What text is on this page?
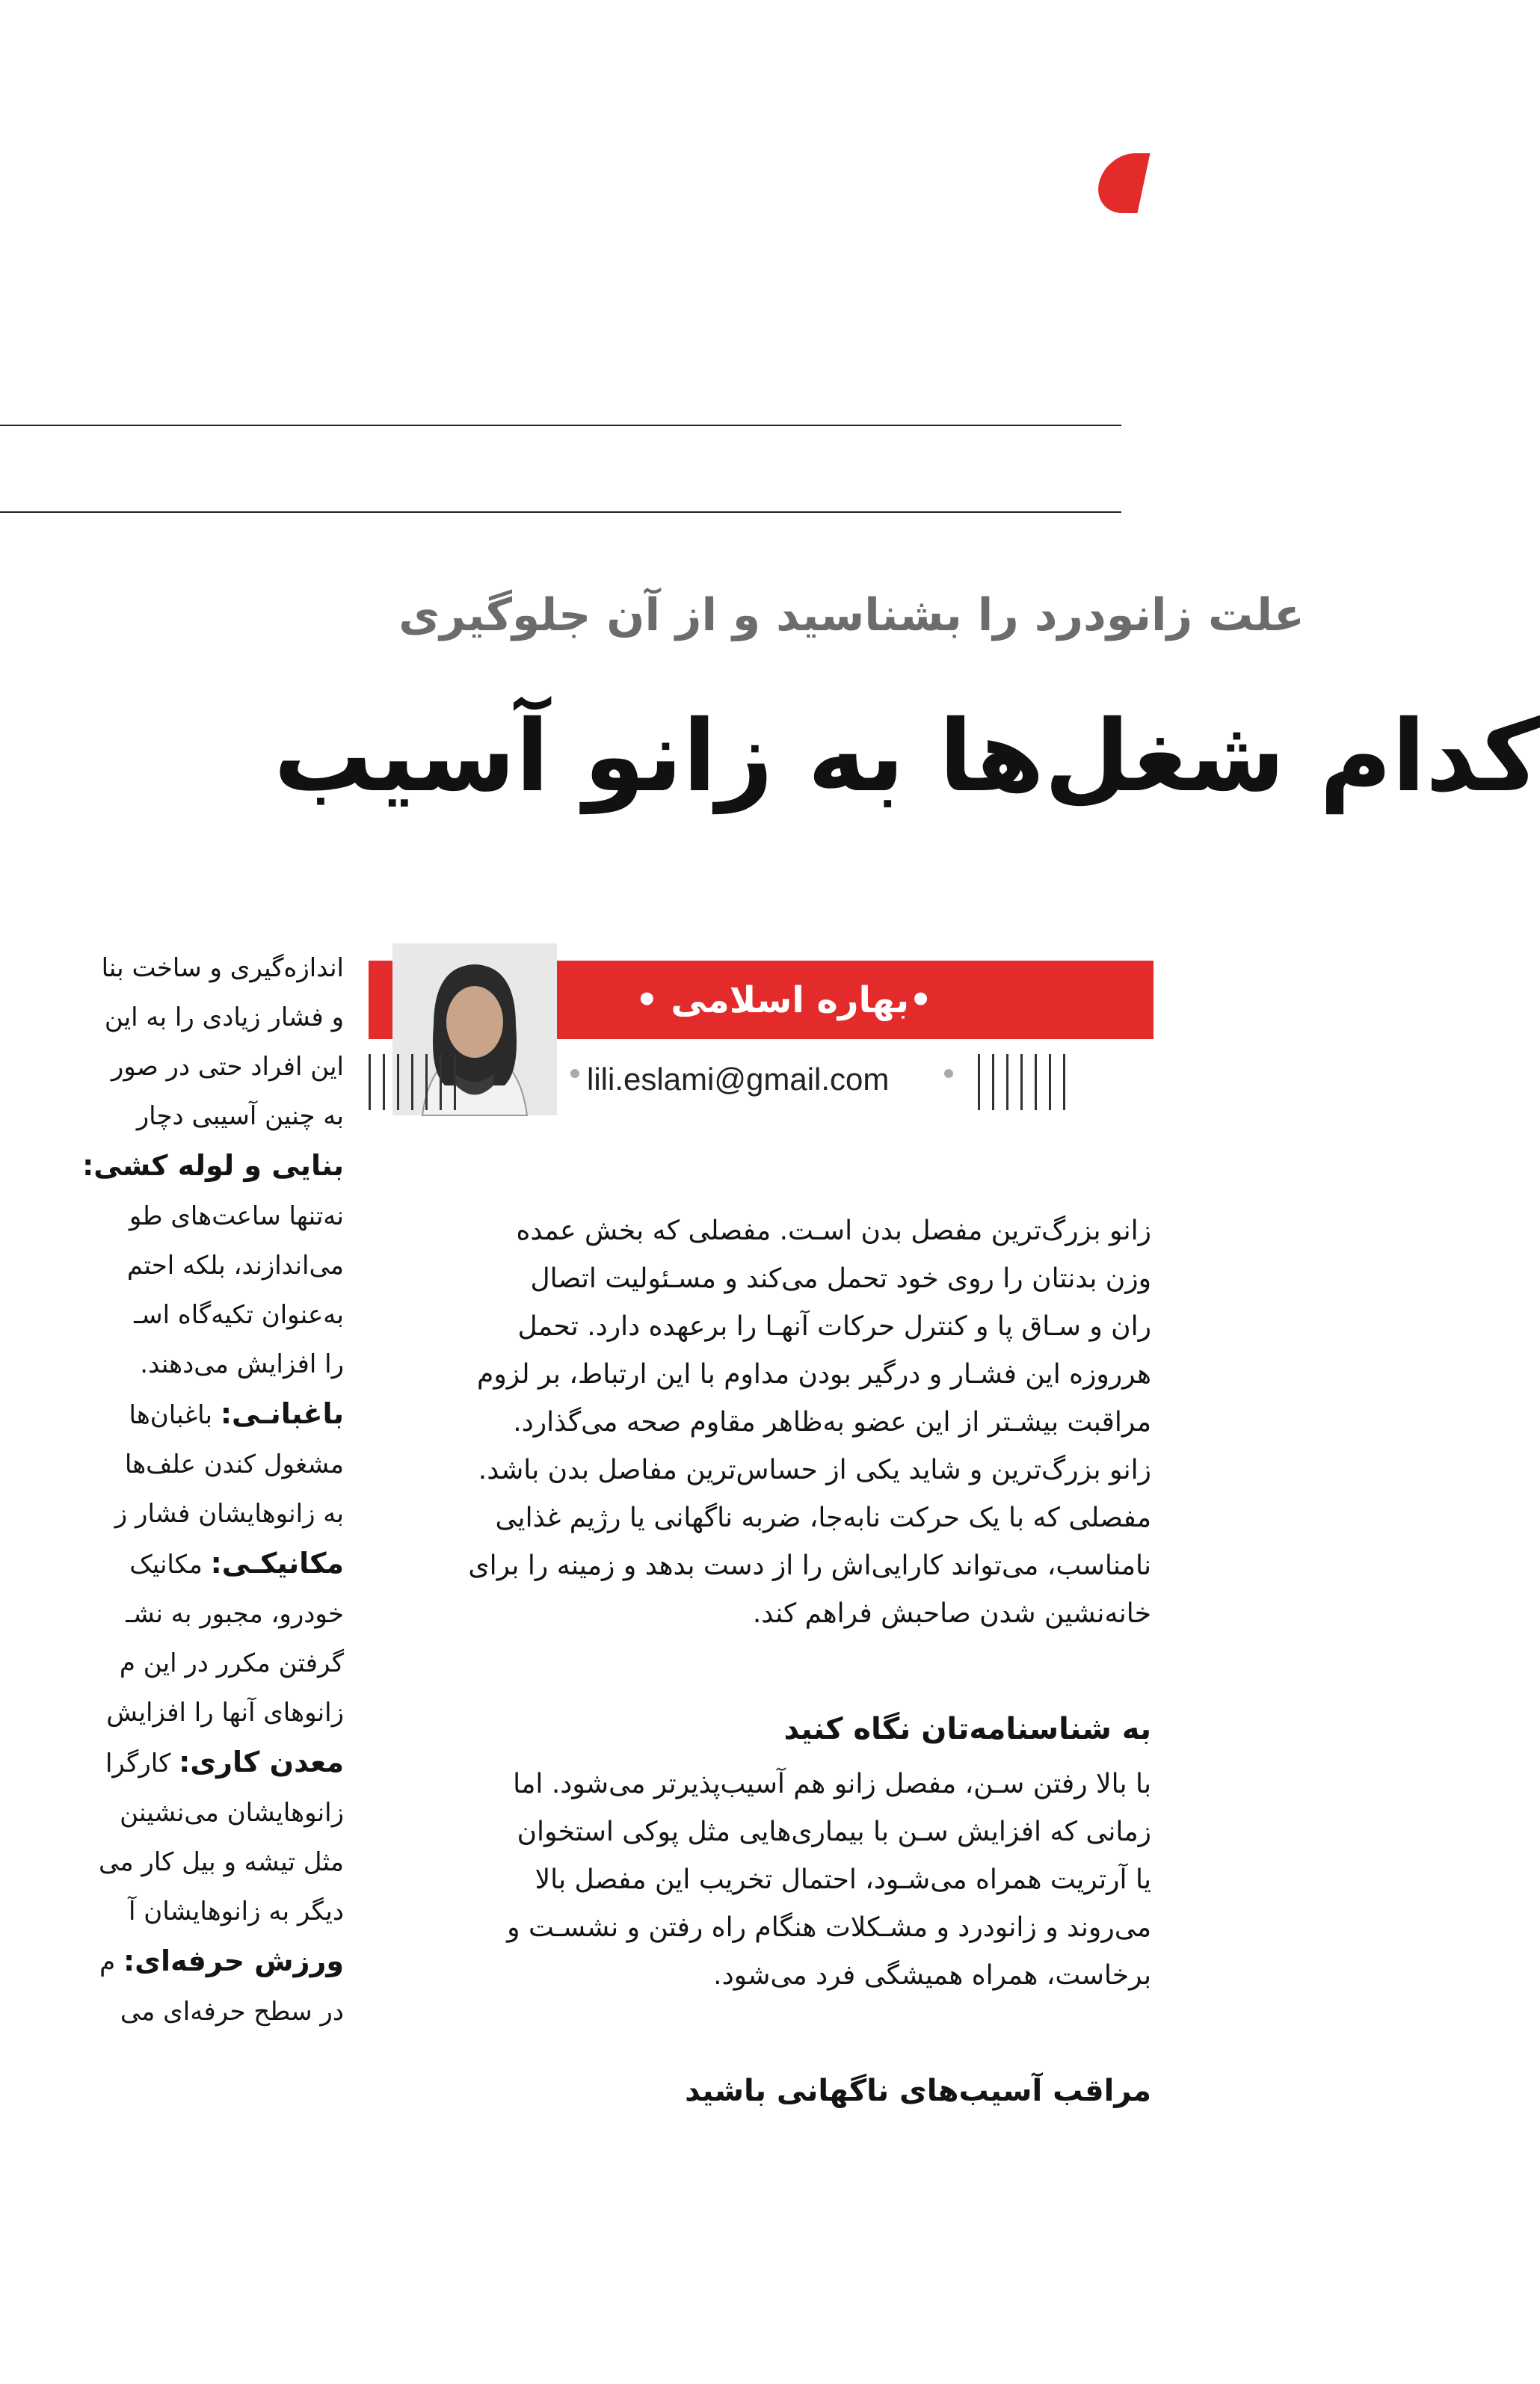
علت زانودرد را بشناسید و از آن جلوگیری
کدام شغل‌ها به زانو آسیب

اندازه‌گیری و ساخت بنا

و فشار زیادی را به این

این افراد حتی در صور

به چنین آسیبی دچار

بنایی و لوله کشی:

نه‌تنها ساعت‌های طو

می‌اندازند، بلکه احتم

به‌عنوان تکیه‌گاه اسـ

را افزایش می‌دهند.

باغبانـی: باغبان‌ها

مشغول کندن علف‌ها

به زانوهایشان فشار ز

مکانیکـی: مکانیک

خودرو، مجبور به نشـ

گرفتن مکرر در این م

زانوهای آنها را افزایش

معدن کاری: کارگرا

زانوهایشان می‌نشینن

مثل تیشه و بیل کار می

دیگر به زانوهایشان آ

ورزش حرفه‌ای: م

در سطح حرفه‌ای می

•بهاره اسلامی •
lili.eslami@gmail.com

زانو بزرگ‌ترین مفصل بدن اسـت. مفصلی که بخش عمده

وزن بدنتان را روی خود تحمل می‌کند و مسـئولیت اتصال

ران و سـاق پا و کنترل حرکات آنهـا را برعهده دارد. تحمل

هرروزه این فشـار و درگیر بودن مداوم با این ارتباط، بر لزوم

مراقبت بیشـتر از این عضو به‌ظاهر مقاوم صحه می‌گذارد.

زانو بزرگ‌ترین و شاید یکی از حساس‌ترین مفاصل بدن باشد.

مفصلی که با یک حرکت نابه‌جا، ضربه ناگهانی یا رژیم غذایی

نامناسب، می‌تواند کارایی‌اش را از دست بدهد و زمینه را برای

خانه‌نشین شدن صاحبش فراهم کند.

به شناسنامه‌تان نگاه کنید

با بالا رفتن سـن، مفصل زانو هم آسیب‌پذیرتر می‌شود. اما

زمانی که افزایش سـن با بیماری‌هایی مثل پوکی استخوان

یا آرتریت همراه می‌شـود، احتمال تخریب این مفصل بالا

می‌روند و زانودرد و مشـکلات هنگام راه رفتن و نشسـت و

برخاست، همراه همیشگی فرد می‌شود.

مراقب آسیب‌های ناگهانی باشید
